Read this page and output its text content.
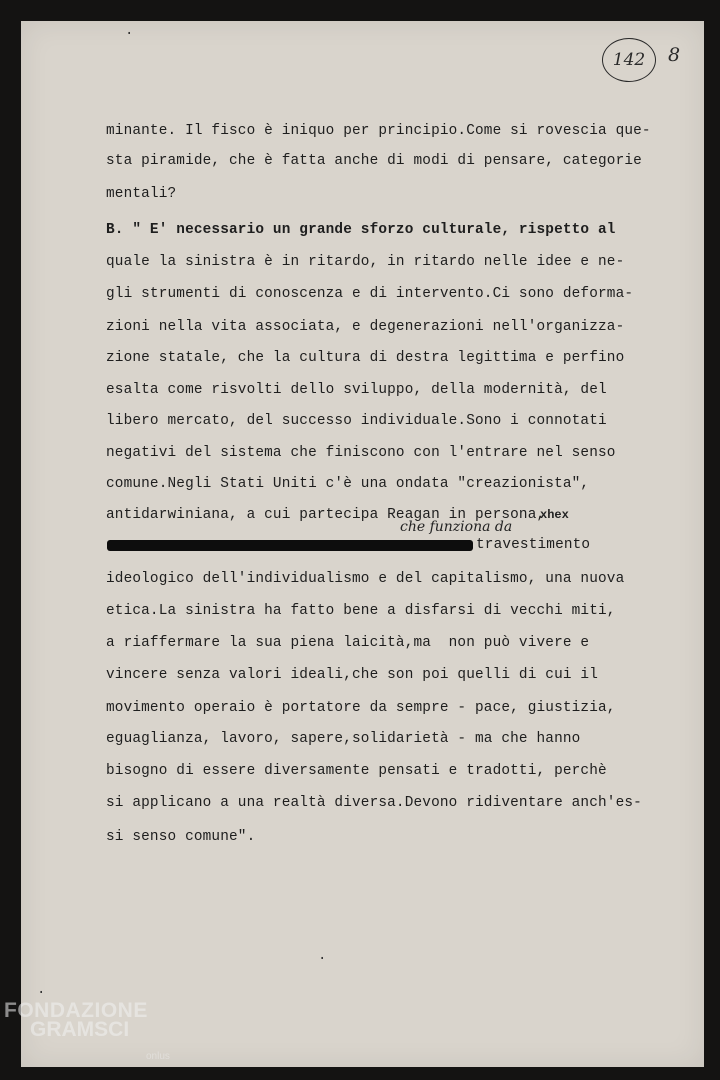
142 8
minante. Il fisco è iniquo per principio.Come si rovescia que-
sta piramide, che è fatta anche di modi di pensare, categorie
mentali?
B. " E' necessario un grande sforzo culturale, rispetto al
quale la sinistra è in ritardo, in ritardo nelle idee e ne-
gli strumenti di conoscenza e di intervento.Ci sono deforma-
zioni nella vita associata, e degenerazioni nell'organizza-
zione statale, che la cultura di destra legittima e perfino
esalta come risvolti dello sviluppo, della modernità, del
libero mercato, del successo individuale.Sono i connotati
negativi del sistema che finiscono con l'entrare nel senso
comune.Negli Stati Uniti c'è una ondata "creazionista",
antidarwiniana, a cui partecipa Reagan in persona,
xhex
che funziona da
travestimento
ideologico dell'individualismo e del capitalismo, una nuova
etica.La sinistra ha fatto bene a disfarsi di vecchi miti,
a riaffermare la sua piena laicità,ma  non può vivere e
vincere senza valori ideali,che son poi quelli di cui il
movimento operaio è portatore da sempre - pace, giustizia,
eguaglianza, lavoro, sapere,solidarietà - ma che hanno
bisogno di essere diversamente pensati e tradotti, perchè
si applicano a una realtà diversa.Devono ridiventare anch'es-
si senso comune".
·
·
·
FONDAZIONE
GRAMSCI
onlus
